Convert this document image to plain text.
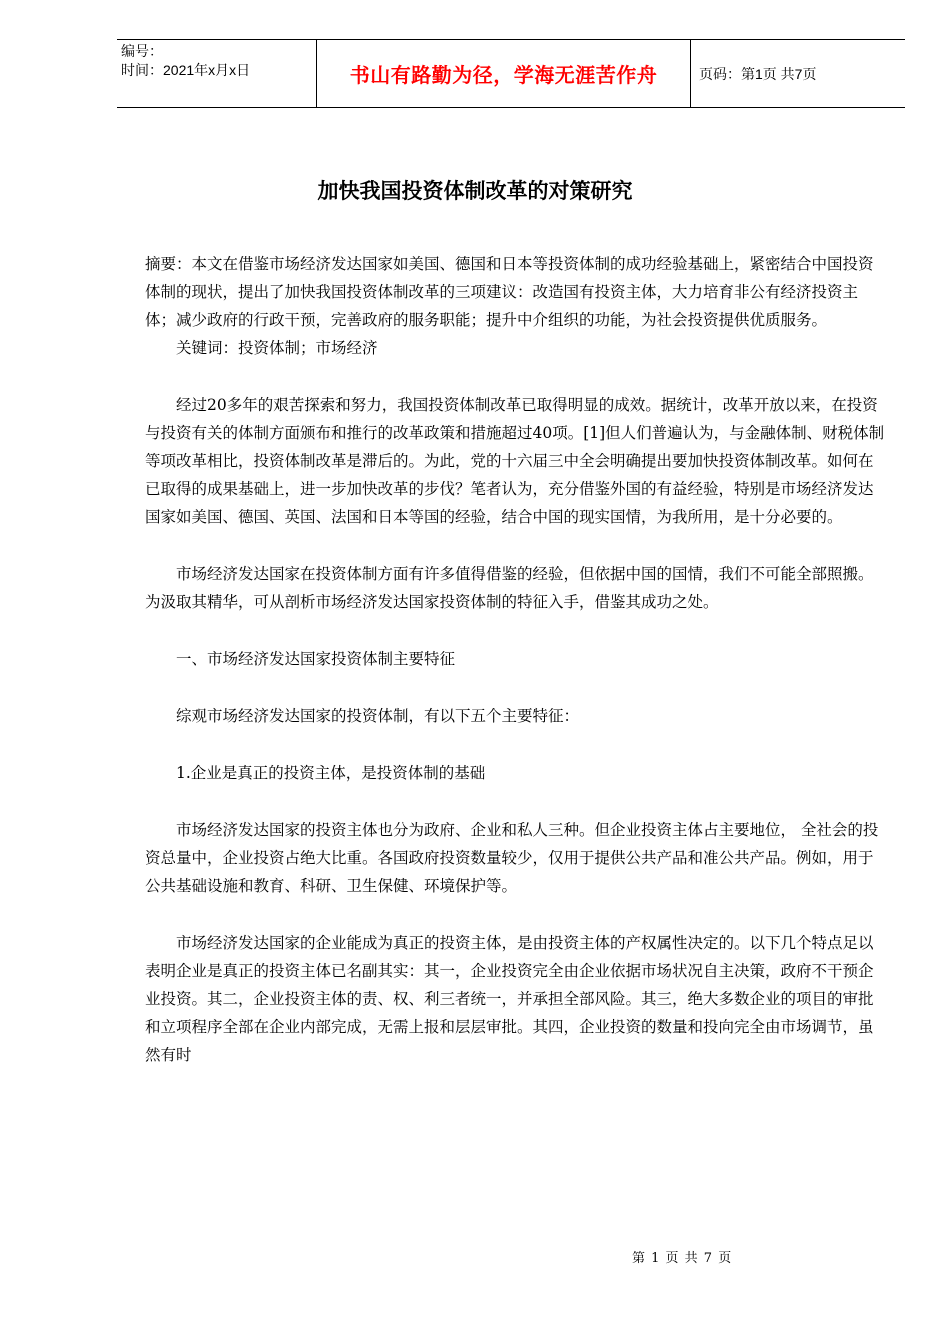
编号：
时间：2021年x月x日	书山有路勤为径，学海无涯苦作舟	页码：第1页 共7页
加快我国投资体制改革的对策研究

摘要：本文在借鉴市场经济发达国家如美国、德国和日本等投资体制的成功经验基础上，紧密结合中国投资体制的现状，提出了加快我国投资体制改革的三项建议：改造国有投资主体，大力培育非公有经济投资主体；减少政府的行政干预，完善政府的服务职能；提升中介组织的功能，为社会投资提供优质服务。

关键词：投资体制；市场经济

经过20多年的艰苦探索和努力，我国投资体制改革已取得明显的成效。据统计，改革开放以来，在投资与投资有关的体制方面颁布和推行的改革政策和措施超过40项。[1]但人们普遍认为，与金融体制、财税体制等项改革相比，投资体制改革是滞后的。为此，党的十六届三中全会明确提出要加快投资体制改革。如何在已取得的成果基础上，进一步加快改革的步伐？笔者认为，充分借鉴外国的有益经验，特别是市场经济发达国家如美国、德国、英国、法国和日本等国的经验，结合中国的现实国情，为我所用，是十分必要的。

市场经济发达国家在投资体制方面有许多值得借鉴的经验，但依据中国的国情，我们不可能全部照搬。为汲取其精华，可从剖析市场经济发达国家投资体制的特征入手，借鉴其成功之处。

一、市场经济发达国家投资体制主要特征

综观市场经济发达国家的投资体制，有以下五个主要特征：

1.企业是真正的投资主体，是投资体制的基础

市场经济发达国家的投资主体也分为政府、企业和私人三种。但企业投资主体占主要地位， 全社会的投资总量中，企业投资占绝大比重。各国政府投资数量较少，仅用于提供公共产品和准公共产品。例如，用于公共基础设施和教育、科研、卫生保健、环境保护等。

市场经济发达国家的企业能成为真正的投资主体，是由投资主体的产权属性决定的。以下几个特点足以表明企业是真正的投资主体已名副其实：其一，企业投资完全由企业依据市场状况自主决策，政府不干预企业投资。其二，企业投资主体的责、权、利三者统一，并承担全部风险。其三，绝大多数企业的项目的审批和立项程序全部在企业内部完成，无需上报和层层审批。其四，企业投资的数量和投向完全由市场调节，虽然有时

第 1 页 共 7 页
